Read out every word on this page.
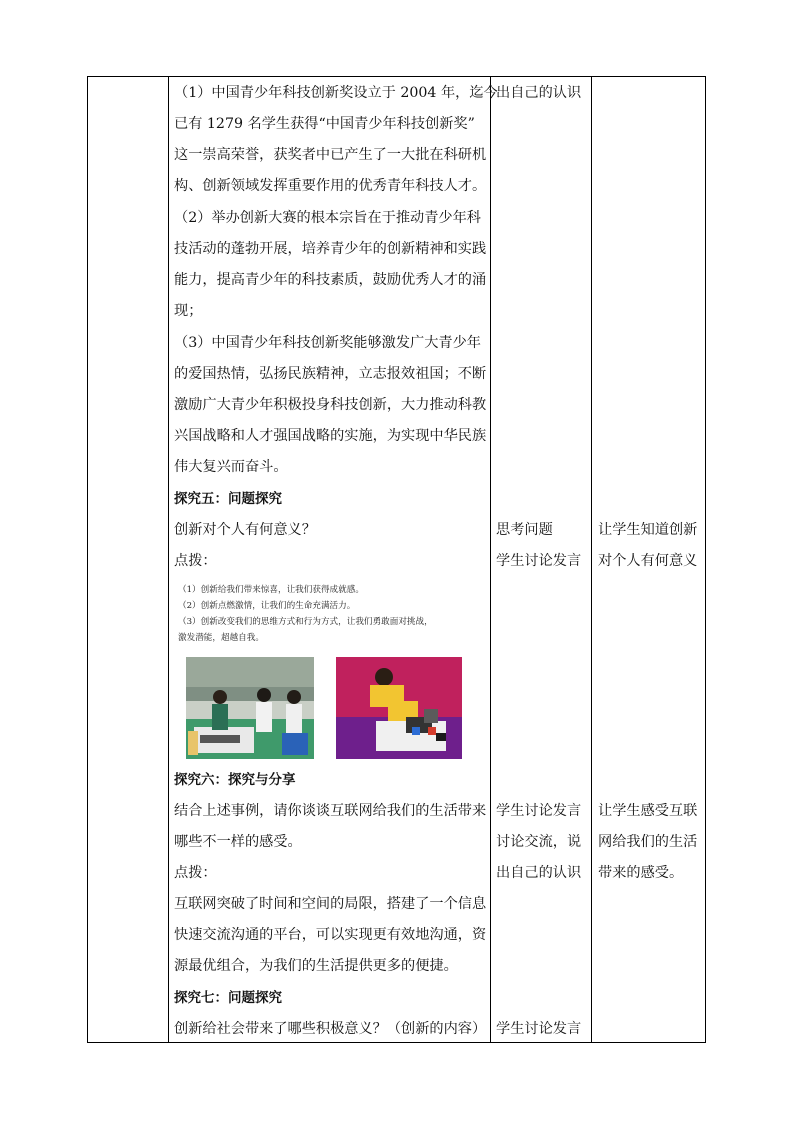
（1）中国青少年科技创新奖设立于 2004 年，迄今
已有 1279 名学生获得“中国青少年科技创新奖”
这一崇高荣誉，获奖者中已产生了一大批在科研机
构、创新领域发挥重要作用的优秀青年科技人才。
（2）举办创新大赛的根本宗旨在于推动青少年科
技活动的蓬勃开展，培养青少年的创新精神和实践
能力，提高青少年的科技素质，鼓励优秀人才的涌
现；
（3）中国青少年科技创新奖能够激发广大青少年
的爱国热情，弘扬民族精神，立志报效祖国；不断
激励广大青少年积极投身科技创新，大力推动科教
兴国战略和人才强国战略的实施，为实现中华民族
伟大复兴而奋斗。
探究五：问题探究
创新对个人有何意义？
点拨：
（1）创新给我们带来惊喜，让我们获得成就感。
（2）创新点燃激情，让我们的生命充满活力。
（3）创新改变我们的思维方式和行为方式，让我们勇敢面对挑战，
激发潜能，超越自我。
探究六：探究与分享
结合上述事例，请你谈谈互联网给我们的生活带来
哪些不一样的感受。
点拨：
互联网突破了时间和空间的局限，搭建了一个信息
快速交流沟通的平台，可以实现更有效地沟通，资
源最优组合，为我们的生活提供更多的便捷。
探究七：问题探究
创新给社会带来了哪些积极意义？（创新的内容）
出自己的认识
思考问题
学生讨论发言
学生讨论发言
讨论交流，说
出自己的认识
学生讨论发言
让学生知道创新
对个人有何意义
让学生感受互联
网给我们的生活
带来的感受。
